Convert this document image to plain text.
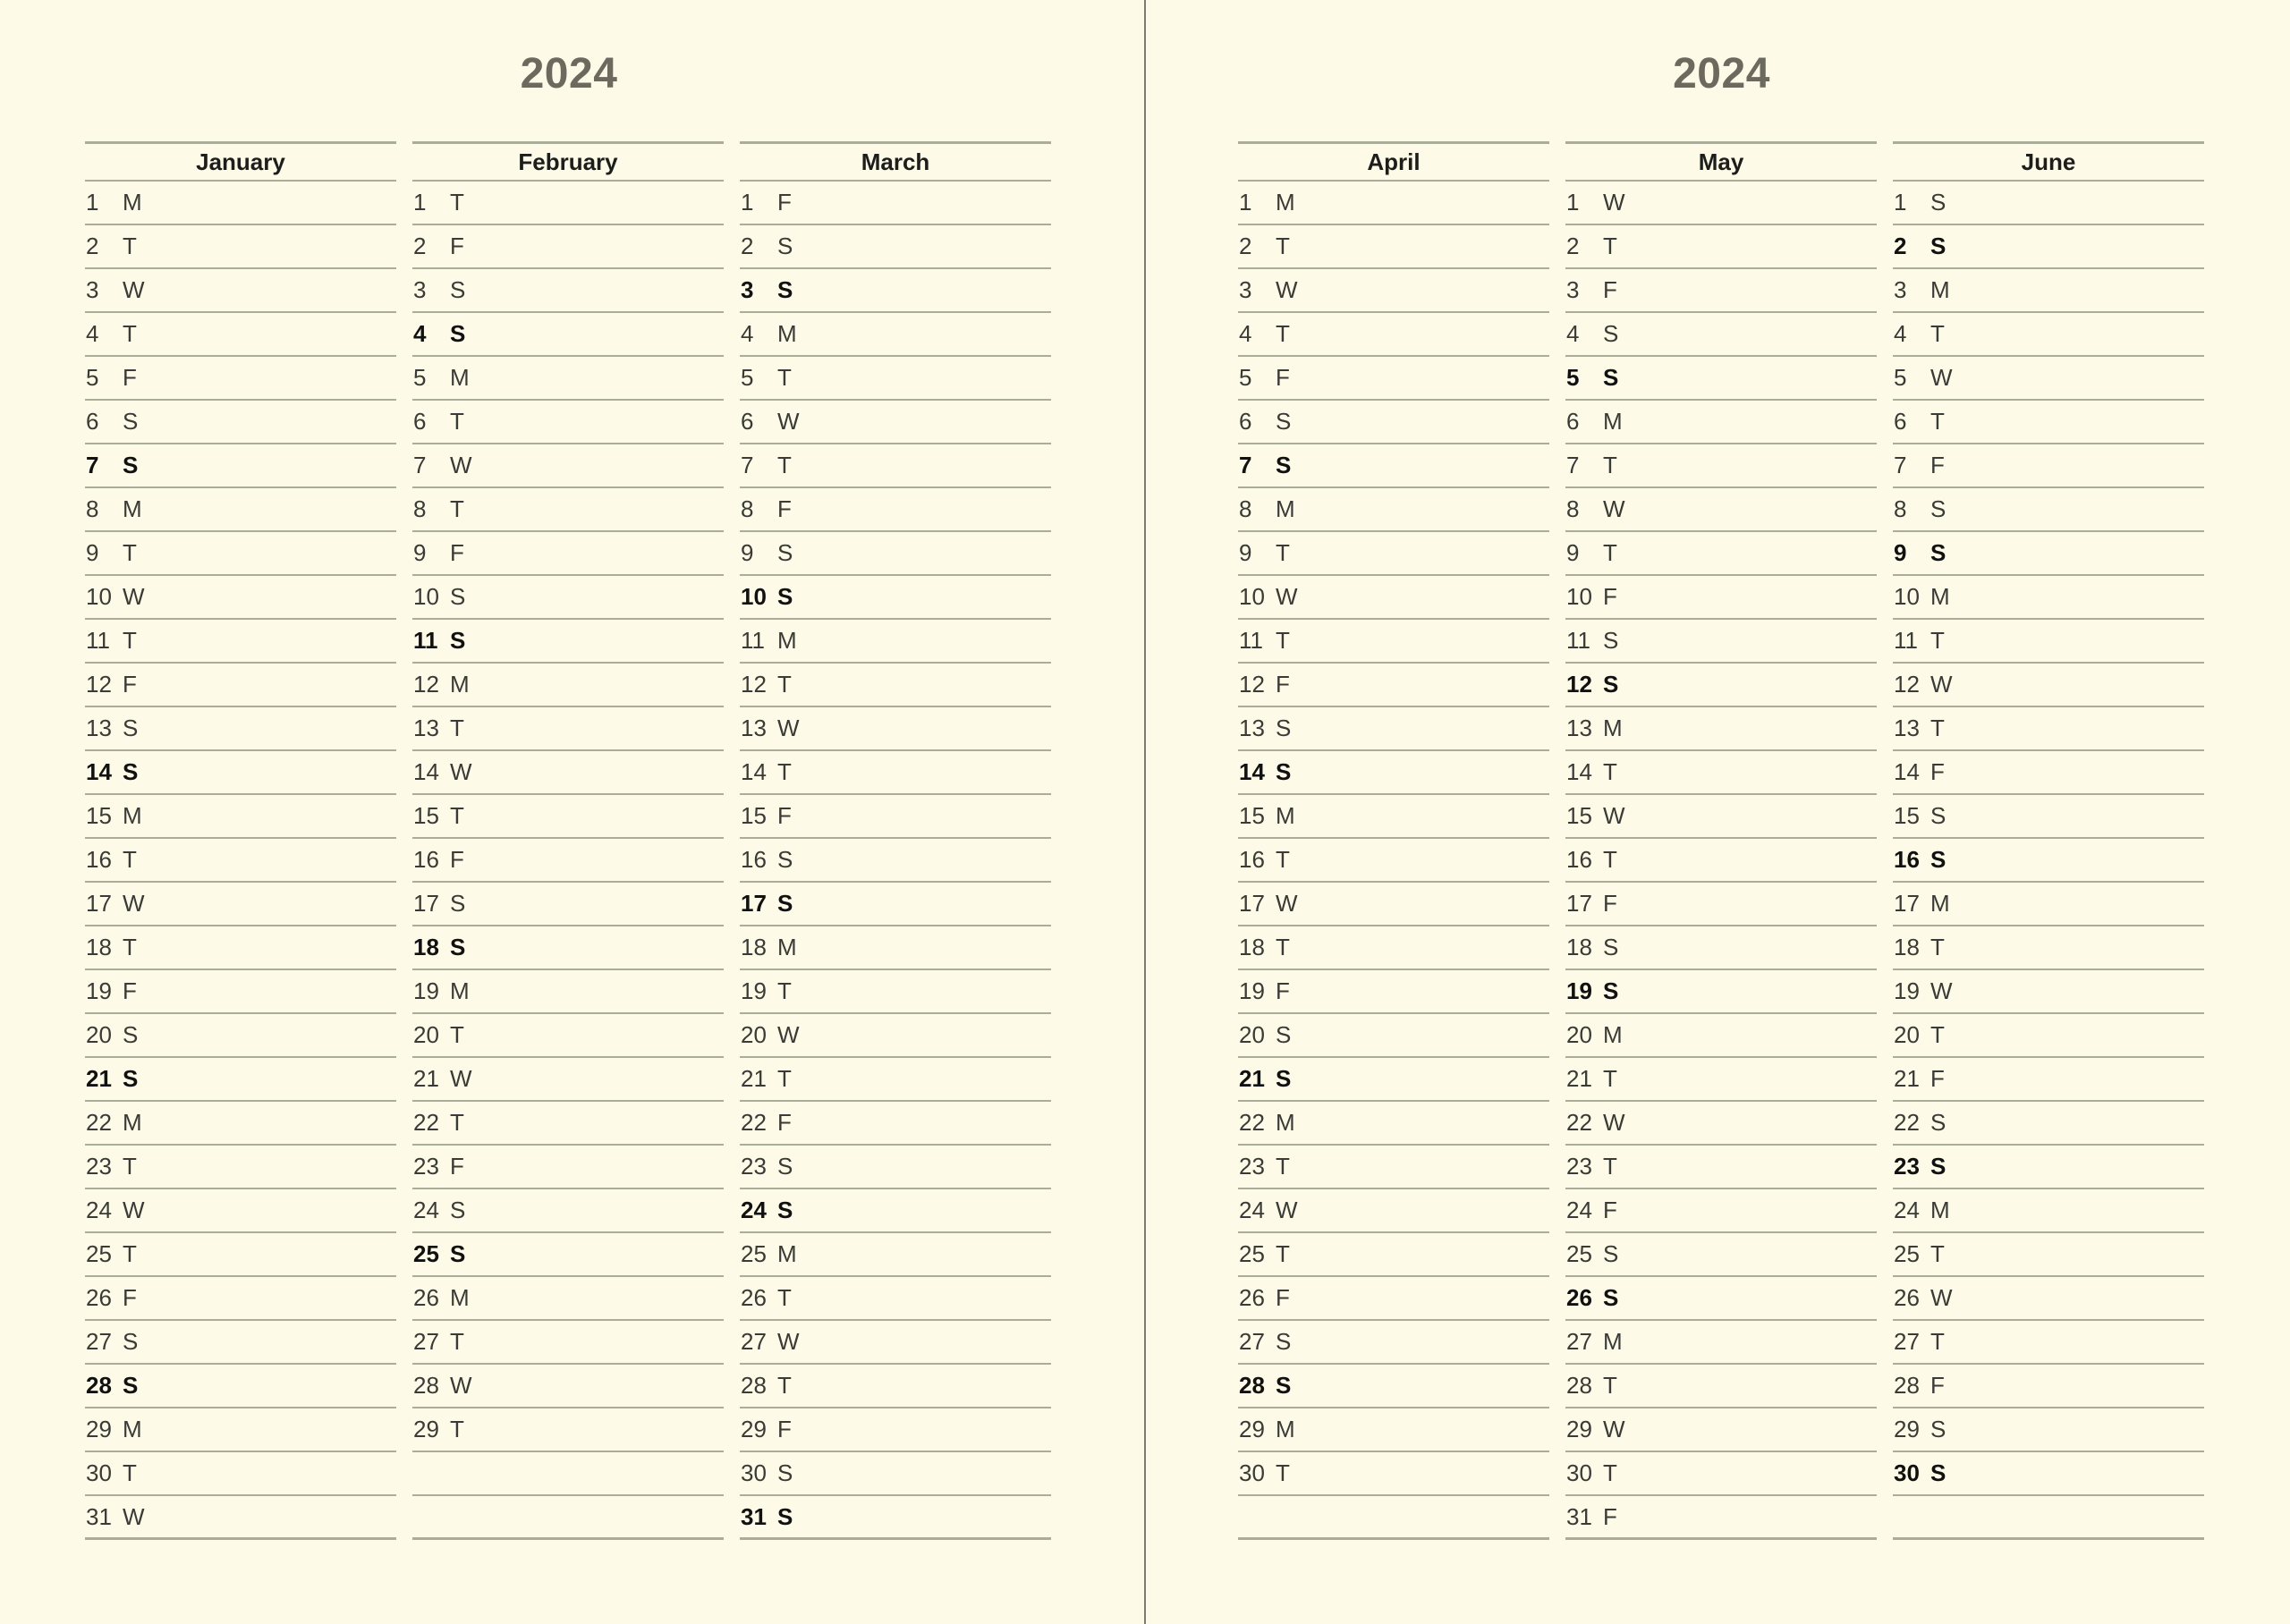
2024
January
1	M
2	T
3	W
4	T
5	F
6	S
7	S
8	M
9	T
10 W
11 T
12 F
13 S
14 S
15 M
16 T
17 W
18 T
19 F
20 S
21 S
22 M
23 T
24 W
25 T
26 F
27 S
28 S
29 M
30 T
31 W
February
1	T
2	F
3	S
4	S
5	M
6	T
7	W
8	T
9	F
10 S
11 S
12 M
13 T
14 W
15 T
16 F
17 S
18 S
19 M
20 T
21 W
22 T
23 F
24 S
25 S
26 M
27 T
28 W
29 T
March
1	F
2	S
3	S
4	M
5	T
6	W
7	T
8	F
9	S
10 S
11 M
12 T
13 W
14 T
15 F
16 S
17 S
18 M
19 T
20 W
21 T
22 F
23 S
24 S
25 M
26 T
27 W
28 T
29 F
30 S
31 S
2024
April
1	M
2	T
3	W
4	T
5	F
6	S
7	S
8	M
9	T
10 W
11 T
12 F
13 S
14 S
15 M
16 T
17 W
18 T
19 F
20 S
21 S
22 M
23 T
24 W
25 T
26 F
27 S
28 S
29 M
30 T
May
1	W
2	T
3	F
4	S
5	S
6	M
7	T
8	W
9	T
10 F
11 S
12 S
13 M
14 T
15 W
16 T
17 F
18 S
19 S
20 M
21 T
22 W
23 T
24 F
25 S
26 S
27 M
28 T
29 W
30 T
31 F
June
1	S
2	S
3	M
4	T
5	W
6	T
7	F
8	S
9	S
10 M
11 T
12 W
13 T
14 F
15 S
16 S
17 M
18 T
19 W
20 T
21 F
22 S
23 S
24 M
25 T
26 W
27 T
28 F
29 S
30 S
